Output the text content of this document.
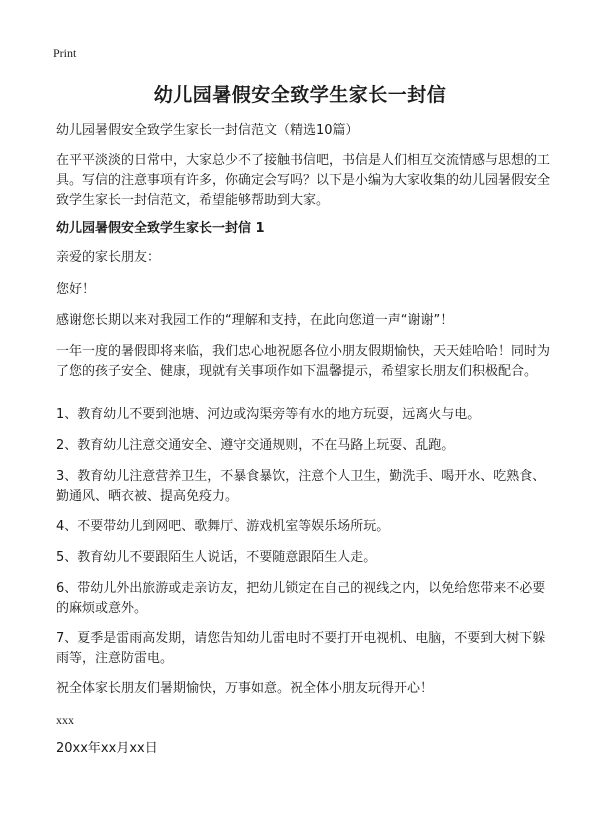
Print
幼儿园暑假安全致学生家长一封信

幼儿园暑假安全致学生家长一封信范文（精选10篇）

在平平淡淡的日常中，大家总少不了接触书信吧，书信是人们相互交流情感与思想的工具。写信的注意事项有许多，你确定会写吗？以下是小编为大家收集的幼儿园暑假安全致学生家长一封信范文，希望能够帮助到大家。

幼儿园暑假安全致学生家长一封信 1

亲爱的家长朋友：

您好！

感谢您长期以来对我园工作的“理解和支持，在此向您道一声“谢谢”！

一年一度的暑假即将来临，我们忠心地祝愿各位小朋友假期愉快，天天娃哈哈！同时为了您的孩子安全、健康，现就有关事项作如下温馨提示，希望家长朋友们积极配合。

1、教育幼儿不要到池塘、河边或沟渠旁等有水的地方玩耍，远离火与电。

2、教育幼儿注意交通安全、遵守交通规则，不在马路上玩耍、乱跑。

3、教育幼儿注意营养卫生，不暴食暴饮，注意个人卫生，勤洗手、喝开水、吃熟食、勤通风、晒衣被、提高免疫力。

4、不要带幼儿到网吧、歌舞厅、游戏机室等娱乐场所玩。

5、教育幼儿不要跟陌生人说话，不要随意跟陌生人走。

6、带幼儿外出旅游或走亲访友，把幼儿锁定在自己的视线之内，以免给您带来不必要的麻烦或意外。

7、夏季是雷雨高发期，请您告知幼儿雷电时不要打开电视机、电脑，不要到大树下躲雨等，注意防雷电。

祝全体家长朋友们暑期愉快，万事如意。祝全体小朋友玩得开心！

xxx
20xx年xx月xx日
